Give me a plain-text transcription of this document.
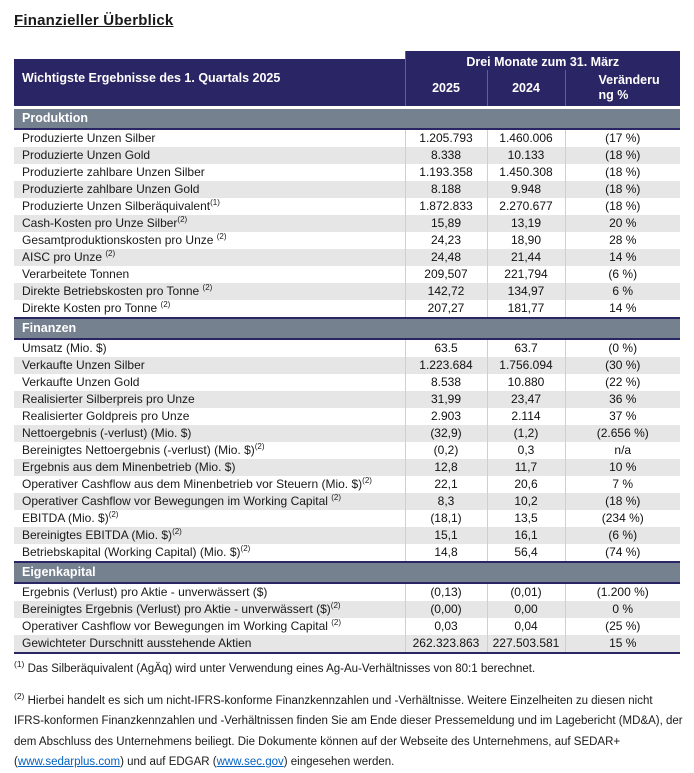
Finanzieller Überblick
Wichtigste Ergebnisse des 1. Quartals 2025	Drei Monate zum 31. März		
	2025	2024	Veränderung %
Produktion			
Produzierte Unzen Silber	1.205.793	1.460.006	(17 %)
Produzierte Unzen Gold	8.338	10.133	(18 %)
Produzierte zahlbare Unzen Silber	1.193.358	1.450.308	(18 %)
Produzierte zahlbare Unzen Gold	8.188	9.948	(18 %)
Produzierte Unzen Silberäquivalent$^{(1)}$	1.872.833	2.270.677	(18 %)
Cash-Kosten pro Unze Silber$^{(2)}$	15,89	13,19	20 %
Gesamtproduktionskosten pro Unze $^{(2)}$	24,23	18,90	28 %
AISC pro Unze $^{(2)}$	24,48	21,44	14 %
Verarbeitete Tonnen	209,507	221,794	(6 %)
Direkte Betriebskosten pro Tonne $^{(2)}$	142,72	134,97	6 %
Direkte Kosten pro Tonne $^{(2)}$	207,27	181,77	14 %
Finanzen			
Umsatz (Mio. $)	63.5	63.7	(0 %)
Verkaufte Unzen Silber	1.223.684	1.756.094	(30 %)
Verkaufte Unzen Gold	8.538	10.880	(22 %)
Realisierter Silberpreis pro Unze	31,99	23,47	36 %
Realisierter Goldpreis pro Unze	2.903	2.114	37 %
Nettoergebnis (-verlust) (Mio. $)	(32,9)	(1,2)	(2.656 %)
Bereinigtes Nettoergebnis (-verlust) (Mio. $)$^{(2)}$	(0,2)	0,3	n/a
Ergebnis aus dem Minenbetrieb (Mio. $)	12,8	11,7	10 %
Operativer Cashflow aus dem Minenbetrieb vor Steuern (Mio. $)$^{(2)}$	22,1	20,6	7 %
Operativer Cashflow vor Bewegungen im Working Capital $^{(2)}$	8,3	10,2	(18 %)
EBITDA (Mio. $)$^{(2)}$	(18,1)	13,5	(234 %)
Bereinigtes EBITDA (Mio. $)$^{(2)}$	15,1	16,1	(6 %)
Betriebskapital (Working Capital) (Mio. $)$^{(2)}$	14,8	56,4	(74 %)
Eigenkapital			
Ergebnis (Verlust) pro Aktie - unverwässert ($)	(0,13)	(0,01)	(1.200 %)
Bereinigtes Ergebnis (Verlust) pro Aktie - unverwässert ($)$^{(2)}$	(0,00)	0,00	0 %
Operativer Cashflow vor Bewegungen im Working Capital $^{(2)}$	0,03	0,04	(25 %)
Gewichteter Durschnitt ausstehende Aktien	262.323.863	227.503.581	15 %

$^{(1)}$ Das Silberäquivalent (AgÄq) wird unter Verwendung eines Ag-Au-Verhältnisses von 80:1 berechnet.

$^{(2)}$ Hierbei handelt es sich um nicht-IFRS-konforme Finanzkennzahlen und -Verhältnisse. Weitere Einzelheiten zu diesen nicht IFRS-konformen Finanzkennzahlen und -Verhältnissen finden Sie am Ende dieser Pressemeldung und im Lagebericht (MD&A), der dem Abschluss des Unternehmens beiliegt. Die Dokumente können auf der Webseite des Unternehmens, auf SEDAR+ (www.sedarplus.com) und auf EDGAR (www.sec.gov) eingesehen werden.
